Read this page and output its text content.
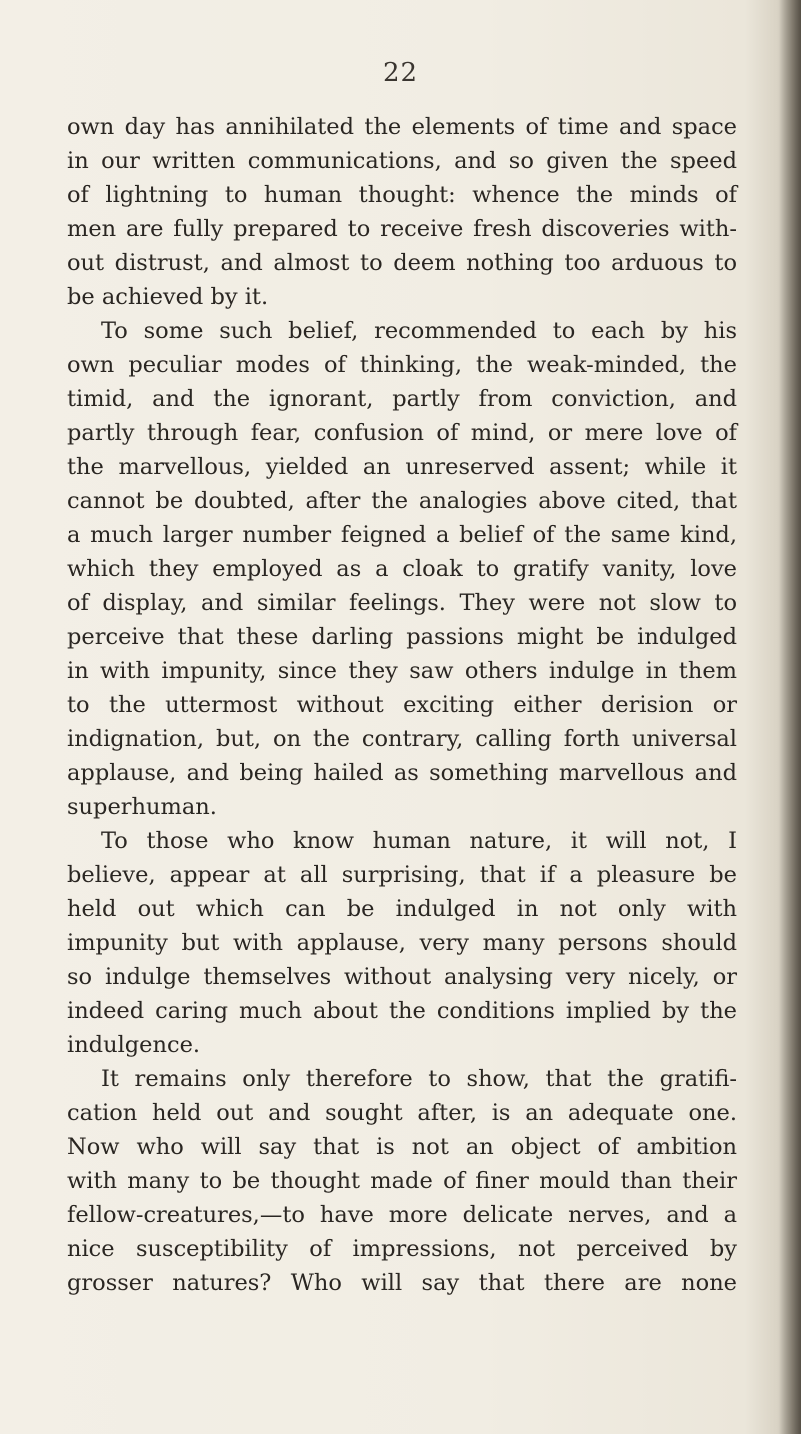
22
own day has annihilated the elements of time and space
in our written communications, and so given the speed
of lightning to human thought: whence the minds of
men are fully prepared to receive fresh discoveries with-
out distrust, and almost to deem nothing too arduous to
be achieved by it.
To some such belief, recommended to each by his
own peculiar modes of thinking, the weak-minded, the
timid, and the ignorant, partly from conviction, and
partly through fear, confusion of mind, or mere love of
the marvellous, yielded an unreserved assent; while it
cannot be doubted, after the analogies above cited, that
a much larger number feigned a belief of the same kind,
which they employed as a cloak to gratify vanity, love
of display, and similar feelings. They were not slow to
perceive that these darling passions might be indulged
in with impunity, since they saw others indulge in them
to the uttermost without exciting either derision or
indignation, but, on the contrary, calling forth universal
applause, and being hailed as something marvellous and
superhuman.
To those who know human nature, it will not, I
believe, appear at all surprising, that if a pleasure be
held out which can be indulged in not only with
impunity but with applause, very many persons should
so indulge themselves without analysing very nicely, or
indeed caring much about the conditions implied by the
indulgence.
It remains only therefore to show, that the gratifi-
cation held out and sought after, is an adequate one.
Now who will say that is not an object of ambition
with many to be thought made of finer mould than their
fellow-creatures,—to have more delicate nerves, and a
nice susceptibility of impressions, not perceived by
grosser natures? Who will say that there are none
